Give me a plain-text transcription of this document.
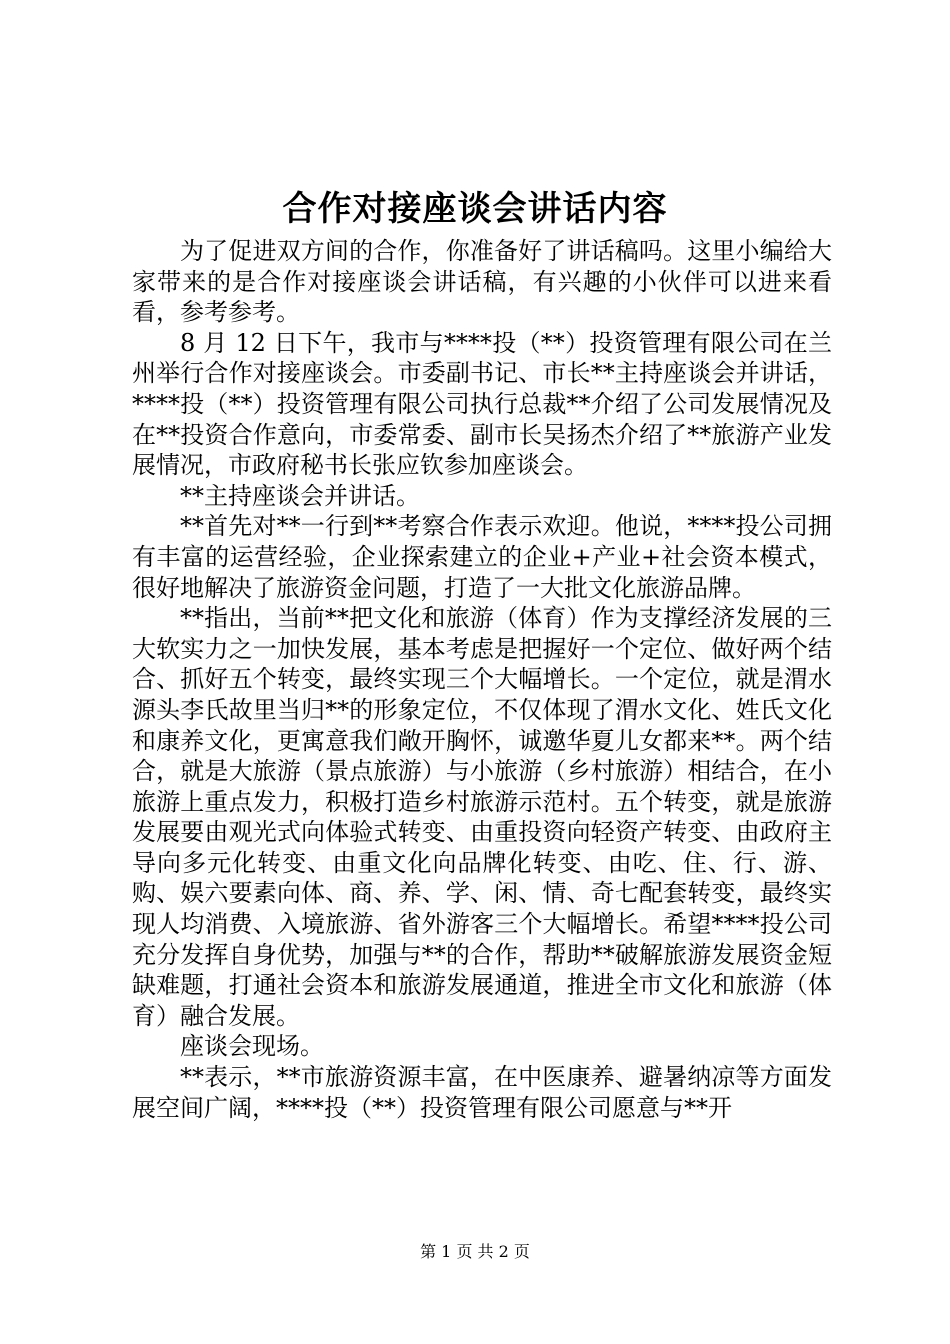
合作对接座谈会讲话内容

为了促进双方间的合作，你准备好了讲话稿吗。这里小编给大家带来的是合作对接座谈会讲话稿，有兴趣的小伙伴可以进来看看，参考参考。

8 月 12 日下午，我市与****投（**）投资管理有限公司在兰州举行合作对接座谈会。市委副书记、市长**主持座谈会并讲话，****投（**）投资管理有限公司执行总裁**介绍了公司发展情况及在**投资合作意向，市委常委、副市长吴扬杰介绍了**旅游产业发展情况，市政府秘书长张应钦参加座谈会。

**主持座谈会并讲话。

**首先对**一行到**考察合作表示欢迎。他说，****投公司拥有丰富的运营经验，企业探索建立的企业+产业+社会资本模式，很好地解决了旅游资金问题，打造了一大批文化旅游品牌。

**指出，当前**把文化和旅游（体育）作为支撑经济发展的三大软实力之一加快发展，基本考虑是把握好一个定位、做好两个结合、抓好五个转变，最终实现三个大幅增长。一个定位，就是渭水源头李氏故里当归**的形象定位，不仅体现了渭水文化、姓氏文化和康养文化，更寓意我们敞开胸怀，诚邀华夏儿女都来**。两个结合，就是大旅游（景点旅游）与小旅游（乡村旅游）相结合，在小旅游上重点发力，积极打造乡村旅游示范村。五个转变，就是旅游发展要由观光式向体验式转变、由重投资向轻资产转变、由政府主导向多元化转变、由重文化向品牌化转变、由吃、住、行、游、购、娱六要素向体、商、养、学、闲、情、奇七配套转变，最终实现人均消费、入境旅游、省外游客三个大幅增长。希望****投公司充分发挥自身优势，加强与**的合作，帮助**破解旅游发展资金短缺难题，打通社会资本和旅游发展通道，推进全市文化和旅游（体育）融合发展。

座谈会现场。

**表示，**市旅游资源丰富，在中医康养、避暑纳凉等方面发展空间广阔，****投（**）投资管理有限公司愿意与**开

第 1 页 共 2 页
